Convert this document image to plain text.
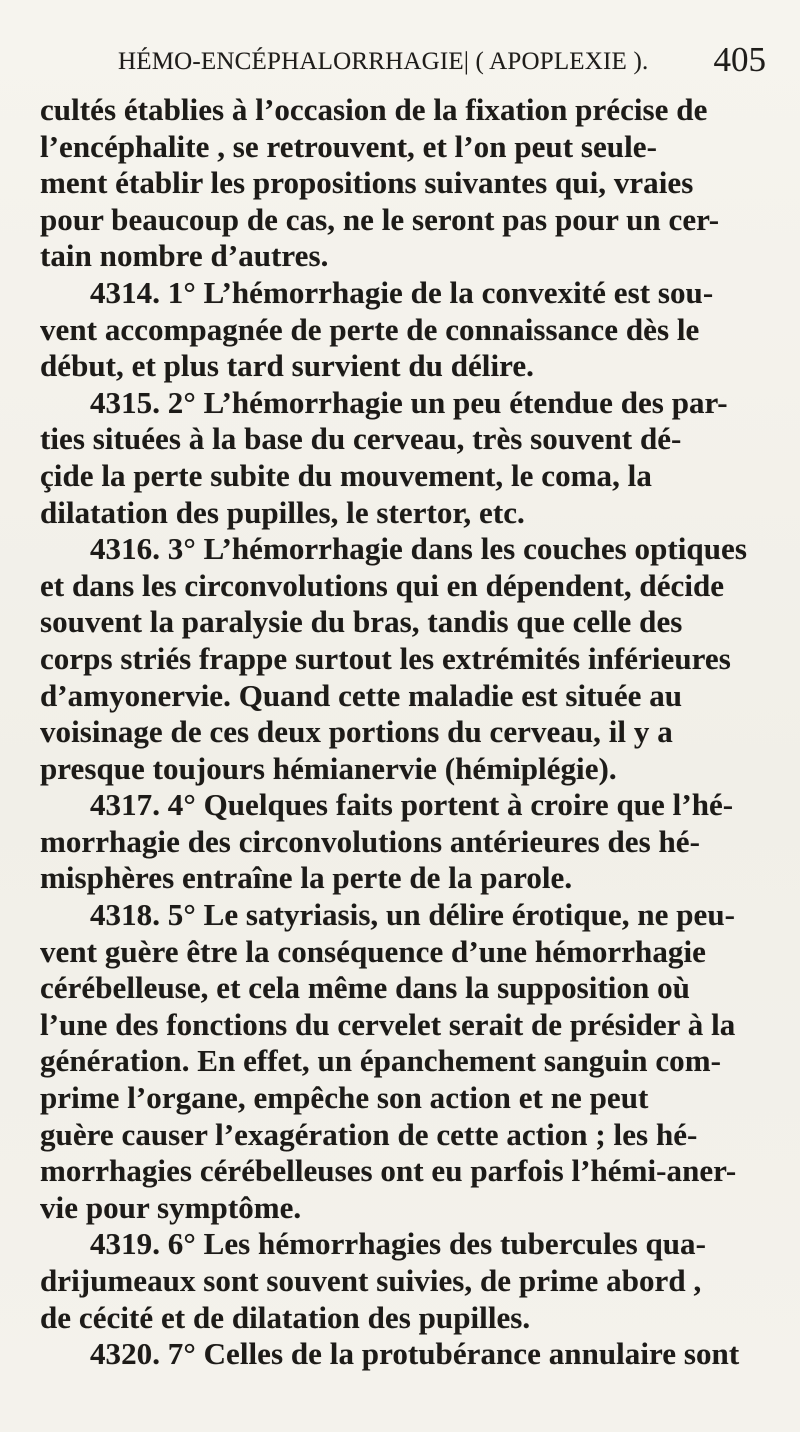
HÉMO-ENCÉPHALORRHAGIE| ( APOPLEXIE ). 405
cultés établies à l’occasion de la fixation précise de
l’encéphalite , se retrouvent, et l’on peut seule-
ment établir les propositions suivantes qui, vraies
pour beaucoup de cas, ne le seront pas pour un cer-
tain nombre d’autres.
4314. 1° L’hémorrhagie de la convexité est sou-
vent accompagnée de perte de connaissance dès le
début, et plus tard survient du délire.
4315. 2° L’hémorrhagie un peu étendue des par-
ties situées à la base du cerveau, très souvent dé-
çide la perte subite du mouvement, le coma, la
dilatation des pupilles, le stertor, etc.
4316. 3° L’hémorrhagie dans les couches optiques
et dans les circonvolutions qui en dépendent, décide
souvent la paralysie du bras, tandis que celle des
corps striés frappe surtout les extrémités inférieures
d’amyonervie. Quand cette maladie est située au
voisinage de ces deux portions du cerveau, il y a
presque toujours hémianervie (hémiplégie).
4317. 4° Quelques faits portent à croire que l’hé-
morrhagie des circonvolutions antérieures des hé-
misphères entraîne la perte de la parole.
4318. 5° Le satyriasis, un délire érotique, ne peu-
vent guère être la conséquence d’une hémorrhagie
cérébelleuse, et cela même dans la supposition où
l’une des fonctions du cervelet serait de présider à la
génération. En effet, un épanchement sanguin com-
prime l’organe, empêche son action et ne peut
guère causer l’exagération de cette action ; les hé-
morrhagies cérébelleuses ont eu parfois l’hémi-aner-
vie pour symptôme.
4319. 6° Les hémorrhagies des tubercules qua-
drijumeaux sont souvent suivies, de prime abord ,
de cécité et de dilatation des pupilles.
4320. 7° Celles de la protubérance annulaire sont
